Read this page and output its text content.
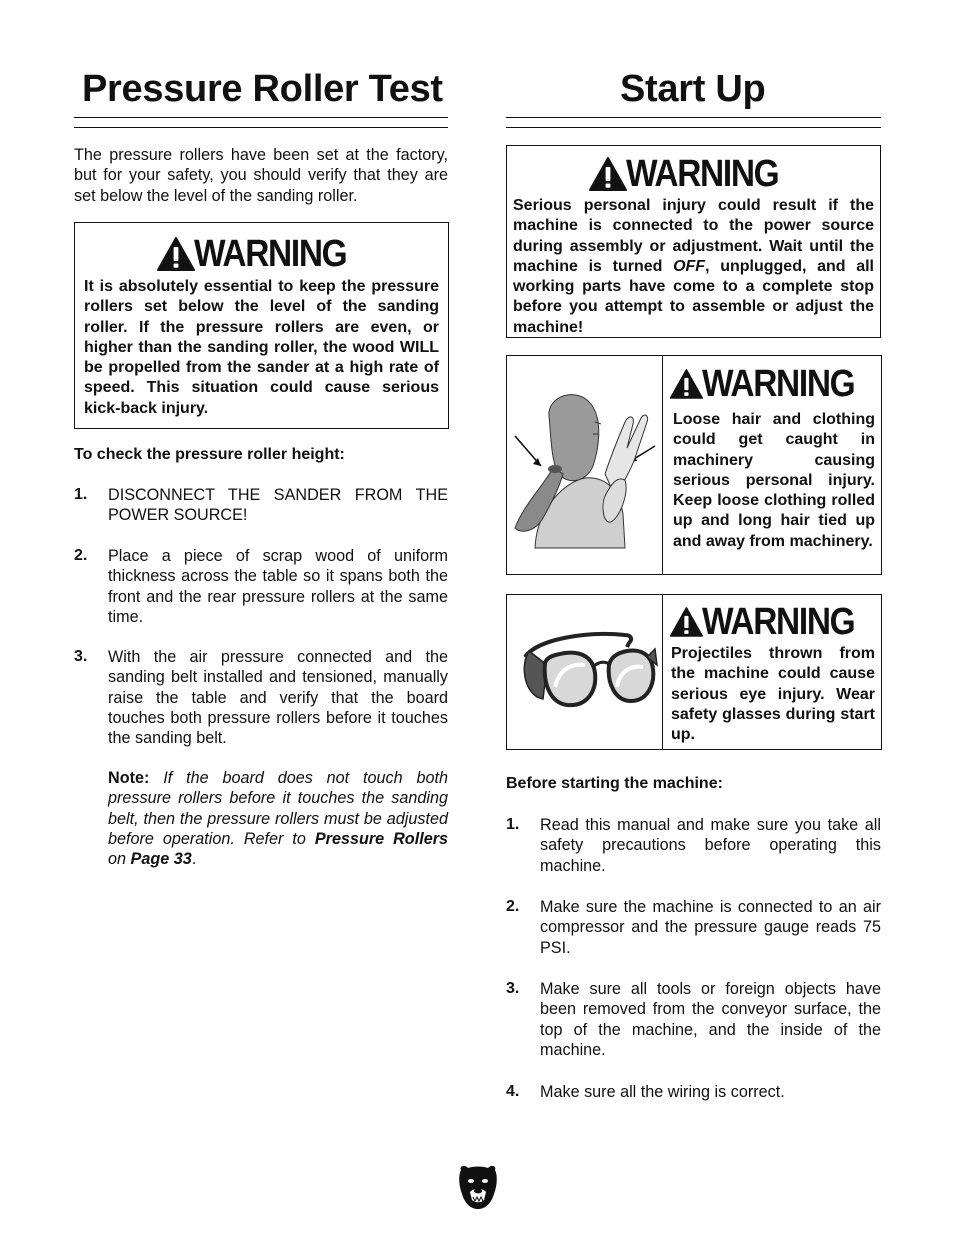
Pressure Roller Test

The pressure rollers have been set at the factory, but for your safety, you should verify that they are set below the level of the sanding roller.

WARNING
It is absolutely essential to keep the pressure rollers set below the level of the sanding roller. If the pressure rollers are even, or higher than the sanding roller, the wood WILL be propelled from the sander at a high rate of speed. This situation could cause serious kick-back injury.
To check the pressure roller height:
1. DISCONNECT THE SANDER FROM THE POWER SOURCE!
2. Place a piece of scrap wood of uniform thickness across the table so it spans both the front and the rear pressure rollers at the same time.
3. With the air pressure connected and the sanding belt installed and tensioned, manually raise the table and verify that the board touches both pressure rollers before it touches the sanding belt.
Note: If the board does not touch both pressure rollers before it touches the sanding belt, then the pressure rollers must be adjusted before operation. Refer to Pressure Rollers on Page 33.
Start Up
WARNING
Serious personal injury could result if the machine is connected to the power source during assembly or adjustment. Wait until the machine is turned OFF, unplugged, and all working parts have come to a complete stop before you attempt to assemble or adjust the machine!
WARNING
Loose hair and clothing could get caught in machinery causing serious personal injury. Keep loose clothing rolled up and long hair tied up and away from machinery.
WARNING
Projectiles thrown from the machine could cause serious eye injury. Wear safety glasses during start up.
Before starting the machine:
1. Read this manual and make sure you take all safety precautions before operating this machine.
2. Make sure the machine is connected to an air compressor and the pressure gauge reads 75 PSI.
3. Make sure all tools or foreign objects have been removed from the conveyor surface, the top of the machine, and the inside of the machine.
4. Make sure all the wiring is correct.
